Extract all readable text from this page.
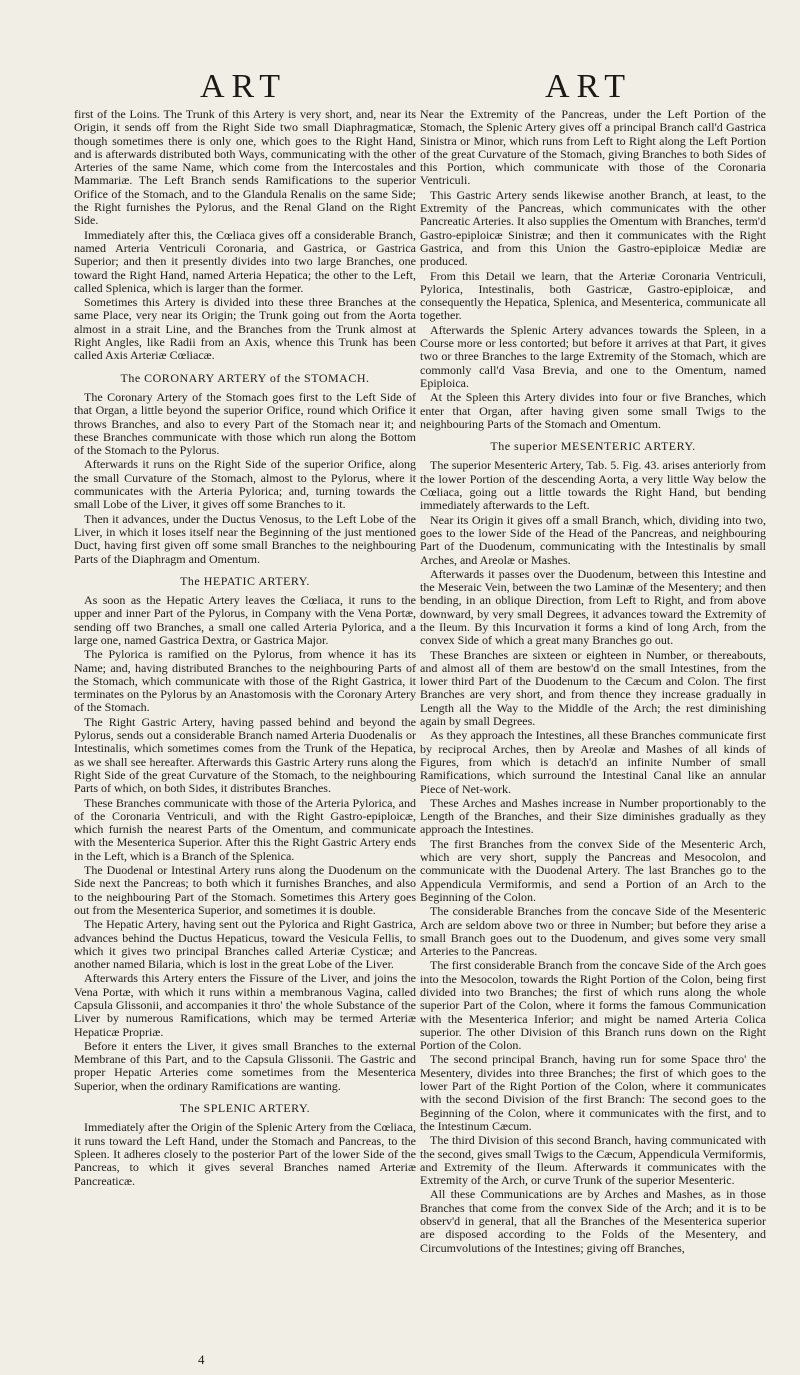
ART	ART

first of the Loins. The Trunk of this Artery is very short, and, near its Origin, it sends off from the Right Side two small Diaphragmaticæ, though sometimes there is only one, which goes to the Right Hand, and is afterwards distributed both Ways, communicating with the other Arteries of the same Name, which come from the Intercostales and Mammariæ. The Left Branch sends Ramifications to the superior Orifice of the Stomach, and to the Glandula Renalis on the same Side; the Right furnishes the Pylorus, and the Renal Gland on the Right Side.

Immediately after this, the Cœliaca gives off a considerable Branch, named Arteria Ventriculi Coronaria, and Gastrica, or Gastrica Superior; and then it presently divides into two large Branches, one toward the Right Hand, named Arteria Hepatica; the other to the Left, called Splenica, which is larger than the former.

Sometimes this Artery is divided into these three Branches at the same Place, very near its Origin; the Trunk going out from the Aorta almost in a strait Line, and the Branches from the Trunk almost at Right Angles, like Radii from an Axis, whence this Trunk has been called Axis Arteriæ Cœliacæ.

The CORONARY ARTERY of the STOMACH.

The Coronary Artery of the Stomach goes first to the Left Side of that Organ, a little beyond the superior Orifice, round which Orifice it throws Branches, and also to every Part of the Stomach near it; and these Branches communicate with those which run along the Bottom of the Stomach to the Pylorus.

Afterwards it runs on the Right Side of the superior Orifice, along the small Curvature of the Stomach, almost to the Pylorus, where it communicates with the Arteria Pylorica; and, turning towards the small Lobe of the Liver, it gives off some Branches to it.

Then it advances, under the Ductus Venosus, to the Left Lobe of the Liver, in which it loses itself near the Beginning of the just mentioned Duct, having first given off some small Branches to the neighbouring Parts of the Diaphragm and Omentum.

The HEPATIC ARTERY.

As soon as the Hepatic Artery leaves the Cœliaca, it runs to the upper and inner Part of the Pylorus, in Company with the Vena Portæ, sending off two Branches, a small one called Arteria Pylorica, and a large one, named Gastrica Dextra, or Gastrica Major.

The Pylorica is ramified on the Pylorus, from whence it has its Name; and, having distributed Branches to the neighbouring Parts of the Stomach, which communicate with those of the Right Gastrica, it terminates on the Pylorus by an Anastomosis with the Coronary Artery of the Stomach.

The Right Gastric Artery, having passed behind and beyond the Pylorus, sends out a considerable Branch named Arteria Duodenalis or Intestinalis, which sometimes comes from the Trunk of the Hepatica, as we shall see hereafter. Afterwards this Gastric Artery runs along the Right Side of the great Curvature of the Stomach, to the neighbouring Parts of which, on both Sides, it distributes Branches.

These Branches communicate with those of the Arteria Pylorica, and of the Coronaria Ventriculi, and with the Right Gastro-epiploicæ, which furnish the nearest Parts of the Omentum, and communicate with the Mesenterica Superior. After this the Right Gastric Artery ends in the Left, which is a Branch of the Splenica.

The Duodenal or Intestinal Artery runs along the Duodenum on the Side next the Pancreas; to both which it furnishes Branches, and also to the neighbouring Part of the Stomach. Sometimes this Artery goes out from the Mesenterica Superior, and sometimes it is double.

The Hepatic Artery, having sent out the Pylorica and Right Gastrica, advances behind the Ductus Hepaticus, toward the Vesicula Fellis, to which it gives two principal Branches called Arteriæ Cysticæ; and another named Bilaria, which is lost in the great Lobe of the Liver.

Afterwards this Artery enters the Fissure of the Liver, and joins the Vena Portæ, with which it runs within a membranous Vagina, called Capsula Glissonii, and accompanies it thro' the whole Substance of the Liver by numerous Ramifications, which may be termed Arteriæ Hepaticæ Propriæ.

Before it enters the Liver, it gives small Branches to the external Membrane of this Part, and to the Capsula Glissonii. The Gastric and proper Hepatic Arteries come sometimes from the Mesenterica Superior, when the ordinary Ramifications are wanting.

The SPLENIC ARTERY.

Immediately after the Origin of the Splenic Artery from the Cœliaca, it runs toward the Left Hand, under the Stomach and Pancreas, to the Spleen. It adheres closely to the posterior Part of the lower Side of the Pancreas, to which it gives several Branches named Arteriæ Pancreaticæ.

Near the Extremity of the Pancreas, under the Left Portion of the Stomach, the Splenic Artery gives off a principal Branch call'd Gastrica Sinistra or Minor, which runs from Left to Right along the Left Portion of the great Curvature of the Stomach, giving Branches to both Sides of this Portion, which communicate with those of the Coronaria Ventriculi.

This Gastric Artery sends likewise another Branch, at least, to the Extremity of the Pancreas, which communicates with the other Pancreatic Arteries. It also supplies the Omentum with Branches, term'd Gastro-epiploicæ Sinistræ; and then it communicates with the Right Gastrica, and from this Union the Gastro-epiploicæ Mediæ are produced.

From this Detail we learn, that the Arteriæ Coronaria Ventriculi, Pylorica, Intestinalis, both Gastricæ, Gastro-epiploicæ, and consequently the Hepatica, Splenica, and Mesenterica, communicate all together.

Afterwards the Splenic Artery advances towards the Spleen, in a Course more or less contorted; but before it arrives at that Part, it gives two or three Branches to the large Extremity of the Stomach, which are commonly call'd Vasa Brevia, and one to the Omentum, named Epiploica.

At the Spleen this Artery divides into four or five Branches, which enter that Organ, after having given some small Twigs to the neighbouring Parts of the Stomach and Omentum.

The superior MESENTERIC ARTERY.

The superior Mesenteric Artery, Tab. 5. Fig. 43. arises anteriorly from the lower Portion of the descending Aorta, a very little Way below the Cœliaca, going out a little towards the Right Hand, but bending immediately afterwards to the Left.

Near its Origin it gives off a small Branch, which, dividing into two, goes to the lower Side of the Head of the Pancreas, and neighbouring Part of the Duodenum, communicating with the Intestinalis by small Arches, and Areolæ or Mashes.

Afterwards it passes over the Duodenum, between this Intestine and the Meseraic Vein, between the two Laminæ of the Mesentery; and then bending, in an oblique Direction, from Left to Right, and from above downward, by very small Degrees, it advances toward the Extremity of the Ileum. By this Incurvation it forms a kind of long Arch, from the convex Side of which a great many Branches go out.

These Branches are sixteen or eighteen in Number, or thereabouts, and almost all of them are bestow'd on the small Intestines, from the lower third Part of the Duodenum to the Cæcum and Colon. The first Branches are very short, and from thence they increase gradually in Length all the Way to the Middle of the Arch; the rest diminishing again by small Degrees.

As they approach the Intestines, all these Branches communicate first by reciprocal Arches, then by Areolæ and Mashes of all kinds of Figures, from which is detach'd an infinite Number of small Ramifications, which surround the Intestinal Canal like an annular Piece of Net-work.

These Arches and Mashes increase in Number proportionably to the Length of the Branches, and their Size diminishes gradually as they approach the Intestines.

The first Branches from the convex Side of the Mesenteric Arch, which are very short, supply the Pancreas and Mesocolon, and communicate with the Duodenal Artery. The last Branches go to the Appendicula Vermiformis, and send a Portion of an Arch to the Beginning of the Colon.

The considerable Branches from the concave Side of the Mesenteric Arch are seldom above two or three in Number; but before they arise a small Branch goes out to the Duodenum, and gives some very small Arteries to the Pancreas.

The first considerable Branch from the concave Side of the Arch goes into the Mesocolon, towards the Right Portion of the Colon, being first divided into two Branches; the first of which runs along the whole superior Part of the Colon, where it forms the famous Communication with the Mesenterica Inferior; and might be named Arteria Colica superior. The other Division of this Branch runs down on the Right Portion of the Colon.

The second principal Branch, having run for some Space thro' the Mesentery, divides into three Branches; the first of which goes to the lower Part of the Right Portion of the Colon, where it communicates with the second Division of the first Branch: The second goes to the Beginning of the Colon, where it communicates with the first, and to the Intestinum Cæcum.

The third Division of this second Branch, having communicated with the second, gives small Twigs to the Cæcum, Appendicula Vermiformis, and Extremity of the Ileum. Afterwards it communicates with the Extremity of the Arch, or curve Trunk of the superior Mesenteric.

All these Communications are by Arches and Mashes, as in those Branches that come from the convex Side of the Arch; and it is to be observ'd in general, that all the Branches of the Mesenterica superior are disposed according to the Folds of the Mesentery, and Circumvolutions of the Intestines; giving off Branches,

4
